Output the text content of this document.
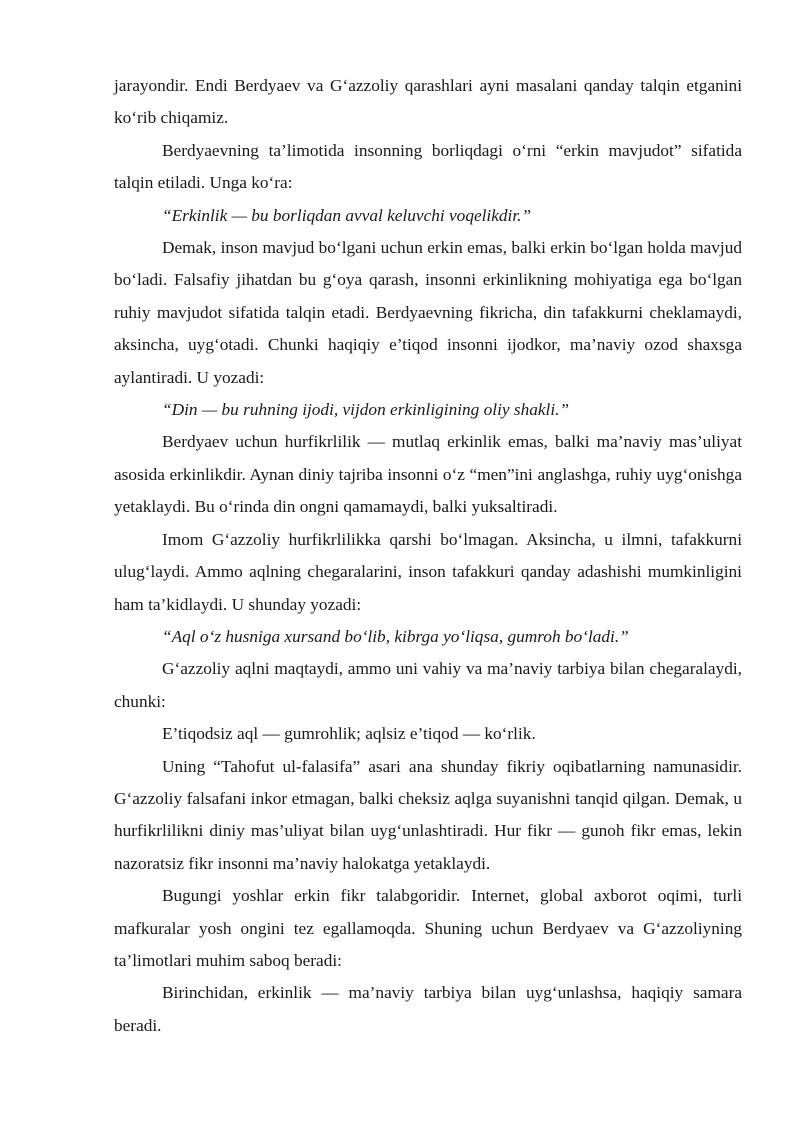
jarayondir. Endi Berdyaev va G‘azzoliy qarashlari ayni masalani qanday talqin etganini ko‘rib chiqamiz.

Berdyaevning ta’limotida insonning borliqdagi o‘rni “erkin mavjudot” sifatida talqin etiladi. Unga ko‘ra:

“Erkinlik — bu borliqdan avval keluvchi voqelikdir.”

Demak, inson mavjud bo‘lgani uchun erkin emas, balki erkin bo‘lgan holda mavjud bo‘ladi. Falsafiy jihatdan bu g‘oya qarash, insonni erkinlikning mohiyatiga ega bo‘lgan ruhiy mavjudot sifatida talqin etadi. Berdyaevning fikricha, din tafakkurni cheklamaydi, aksincha, uyg‘otadi. Chunki haqiqiy e’tiqod insonni ijodkor, ma’naviy ozod shaxsga aylantiradi. U yozadi:

“Din — bu ruhning ijodi, vijdon erkinligining oliy shakli.”

Berdyaev uchun hurfikrlilik — mutlaq erkinlik emas, balki ma’naviy mas’uliyat asosida erkinlikdir. Aynan diniy tajriba insonni o‘z “men”ini anglashga, ruhiy uyg‘onishga yetaklaydi. Bu o‘rinda din ongni qamamaydi, balki yuksaltiradi.

Imom G‘azzoliy hurfikrlilikka qarshi bo‘lmagan. Aksincha, u ilmni, tafakkurni ulug‘laydi. Ammo aqlning chegaralarini, inson tafakkuri qanday adashishi mumkinligini ham ta’kidlaydi. U shunday yozadi:

“Aql o‘z husniga xursand bo‘lib, kibrga yo‘liqsa, gumroh bo‘ladi.”

G‘azzoliy aqlni maqtaydi, ammo uni vahiy va ma’naviy tarbiya bilan chegaralaydi, chunki:

E’tiqodsiz aql — gumrohlik; aqlsiz e’tiqod — ko‘rlik.

Uning “Tahofut ul-falasifa” asari ana shunday fikriy oqibatlarning namunasidir. G‘azzoliy falsafani inkor etmagan, balki cheksiz aqlga suyanishni tanqid qilgan. Demak, u hurfikrlilikni diniy mas’uliyat bilan uyg‘unlashtiradi. Hur fikr — gunoh fikr emas, lekin nazoratsiz fikr insonni ma’naviy halokatga yetaklaydi.

Bugungi yoshlar erkin fikr talabgoridir. Internet, global axborot oqimi, turli mafkuralar yosh ongini tez egallamoqda. Shuning uchun Berdyaev va G‘azzoliyning ta’limotlari muhim saboq beradi:

Birinchidan, erkinlik — ma’naviy tarbiya bilan uyg‘unlashsa, haqiqiy samara beradi.
